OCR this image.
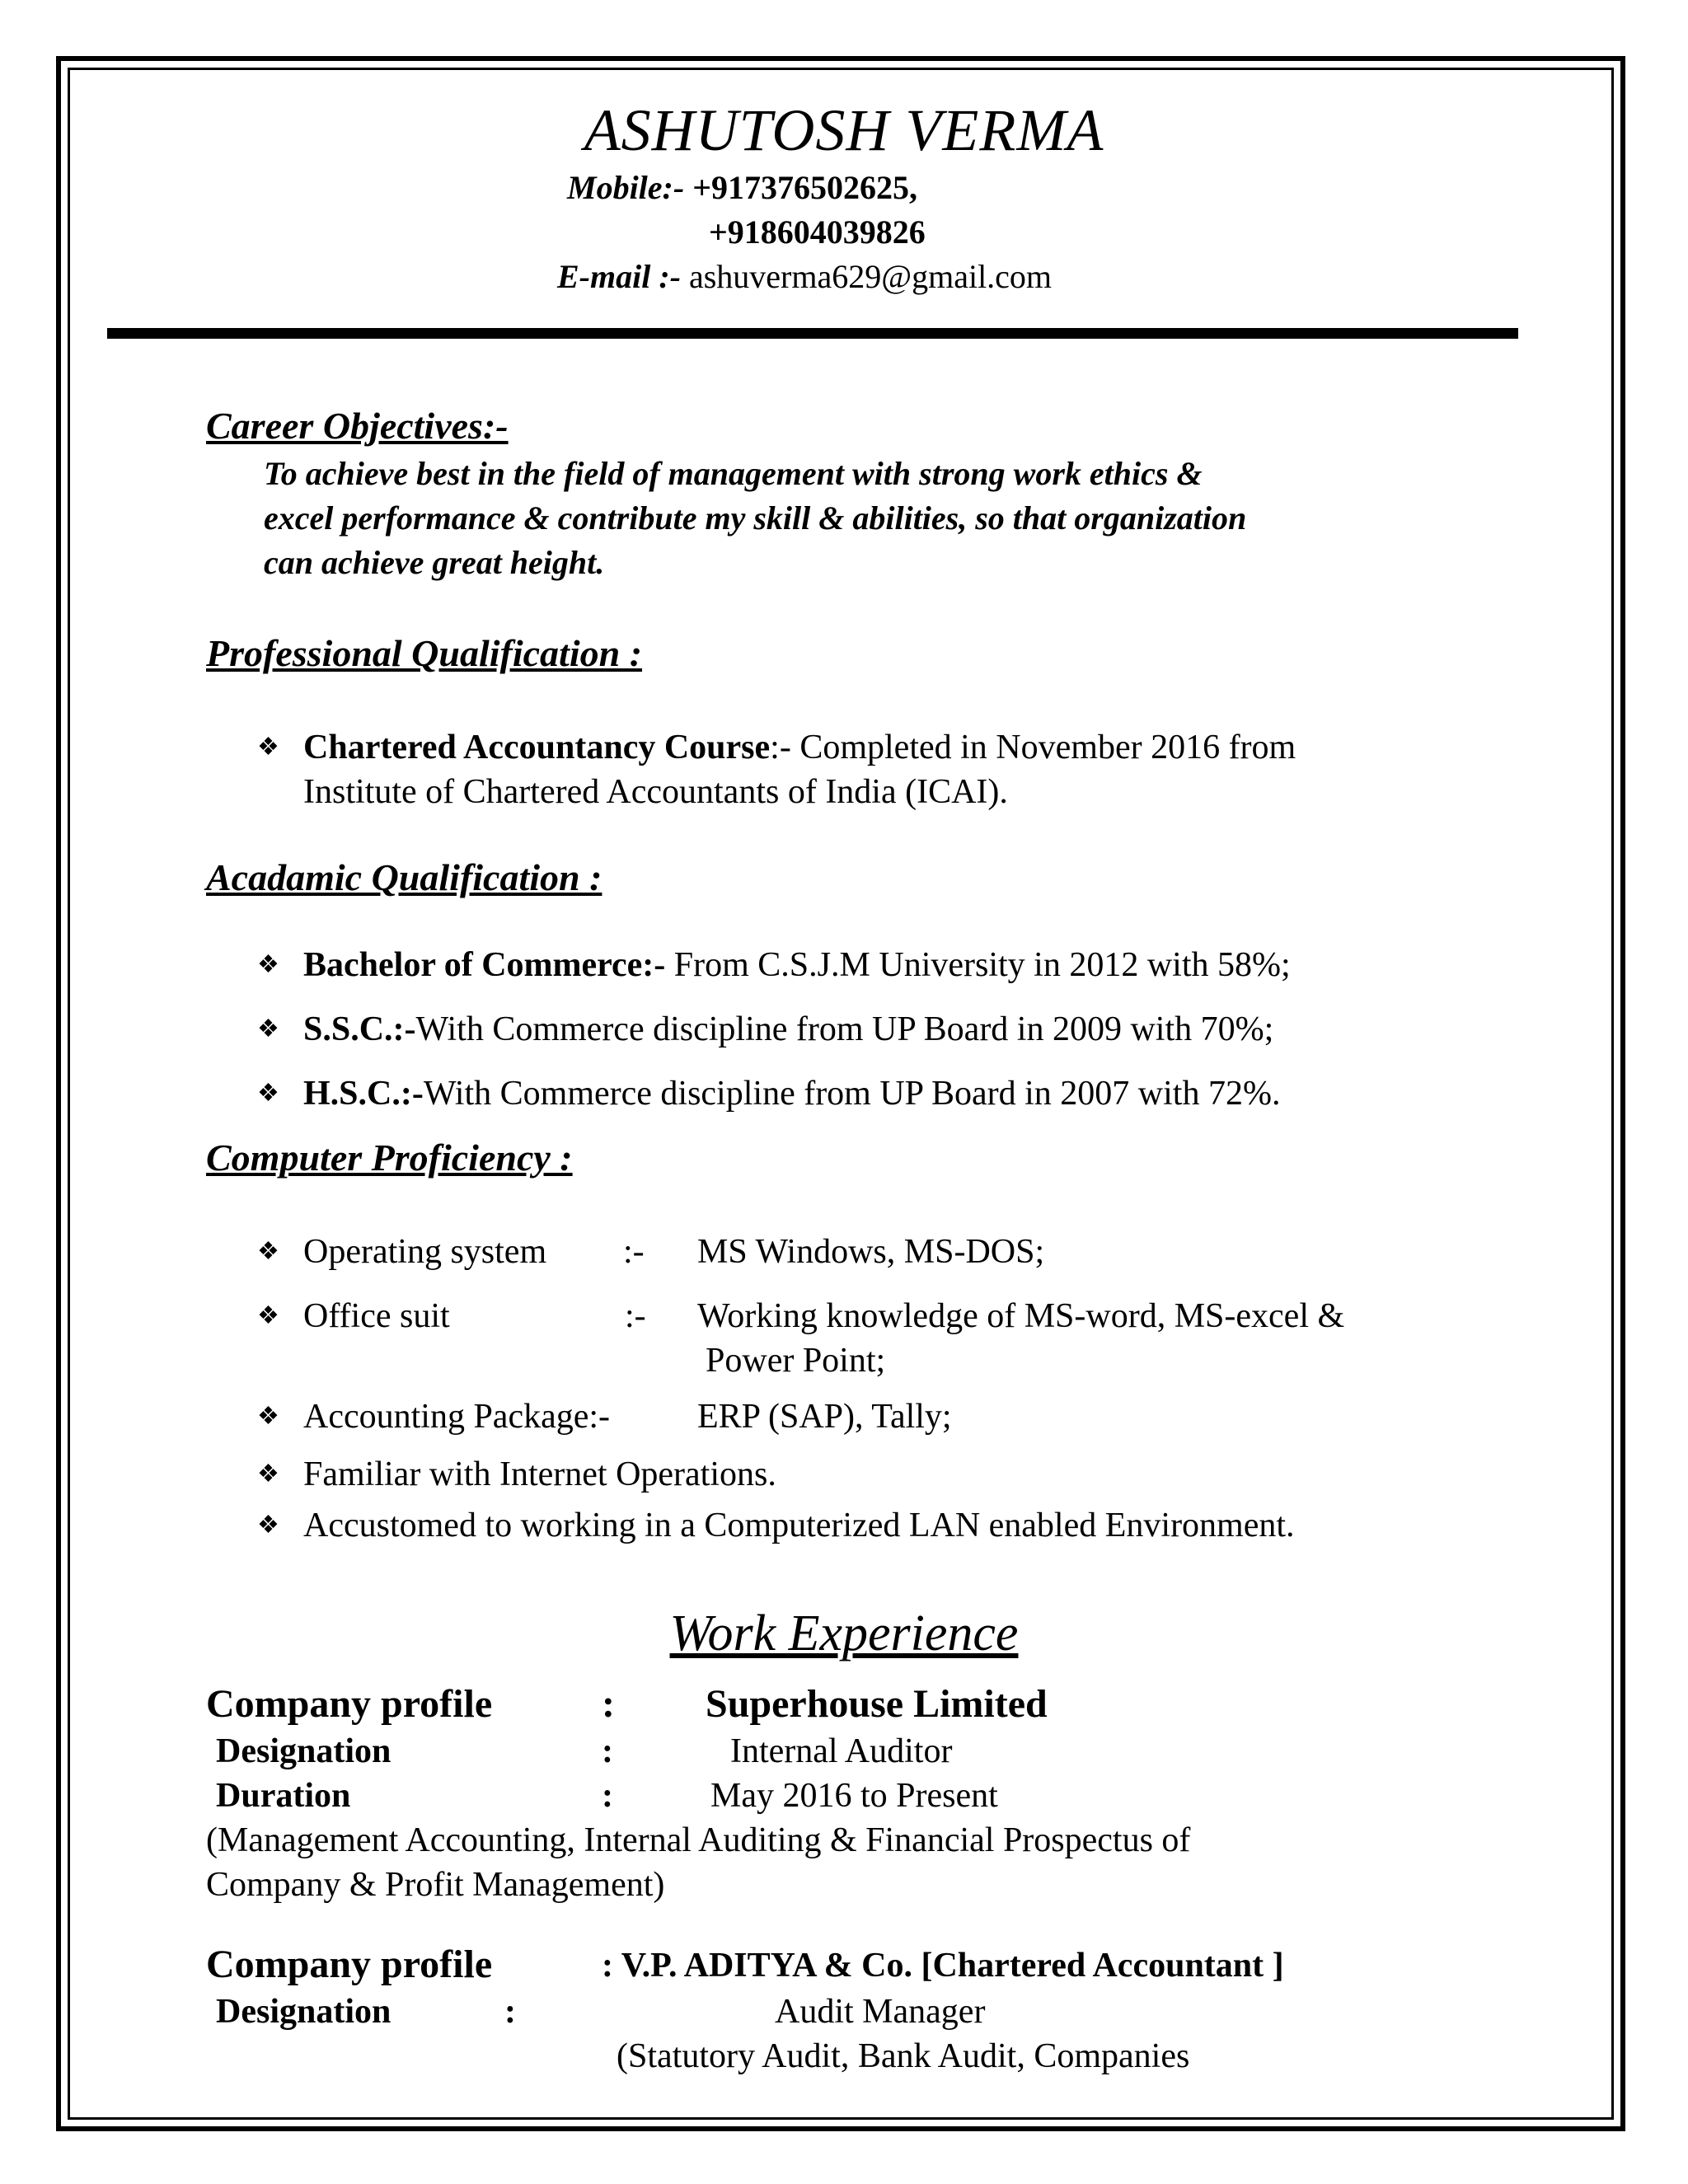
ASHUTOSH VERMA
Mobile:- +917376502625,
+918604039826
E-mail :- ashuverma629@gmail.com
Career Objectives:-
To achieve best in the field of management with strong work ethics &
excel performance & contribute my skill & abilities, so that organization
can achieve great height.
Professional Qualification :
❖ Chartered Accountancy Course:- Completed in November 2016 from
Institute of Chartered Accountants of India (ICAI).
Acadamic Qualification :
❖ Bachelor of Commerce:- From C.S.J.M University in 2012 with 58%;
❖ S.S.C.:-With Commerce discipline from UP Board in 2009 with 70%;
❖ H.S.C.:-With Commerce discipline from UP Board in 2007 with 72%.
Computer Proficiency :
❖ Operating system :- MS Windows, MS-DOS;
❖ Office suit	:- Working knowledge of MS-word, MS-excel &
Power Point;
❖ Accounting Package:-	ERP (SAP), Tally;
❖ Familiar with Internet Operations.
❖ Accustomed to working in a Computerized LAN enabled Environment.
Work Experience
Company profile	: Superhouse Limited
Designation	:	Internal Auditor
Duration	:	May 2016 to Present
(Management Accounting, Internal Auditing & Financial Prospectus of
Company & Profit Management)
Company profile	: V.P. ADITYA & Co. [Chartered Accountant ]
Designation	:	Audit Manager
(Statutory Audit, Bank Audit, Companies
